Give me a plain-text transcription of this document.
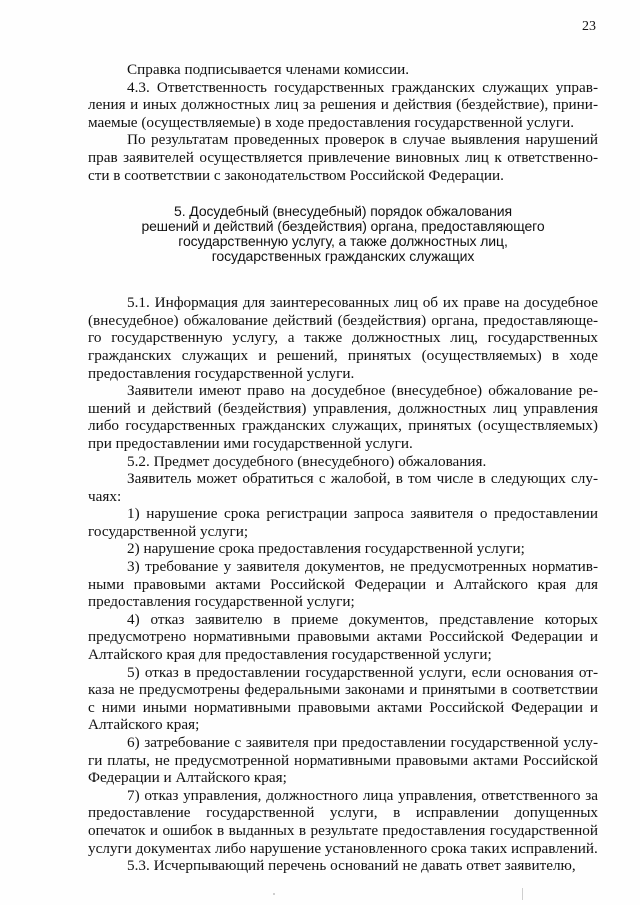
23

Справка подписывается членами комиссии.

4.3. Ответственность государственных гражданских служащих управления и иных должностных лиц за решения и действия (бездействие), принимаемые (осуществляемые) в ходе предоставления государственной услуги.

По результатам проведенных проверок в случае выявления нарушений прав заявителей осуществляется привлечение виновных лиц к ответственности в соответствии с законодательством Российской Федерации.

5. Досудебный (внесудебный) порядок обжалования
решений и действий (бездействия) органа, предоставляющего
государственную услугу, а также должностных лиц,
государственных гражданских служащих

5.1. Информация для заинтересованных лиц об их праве на досудебное (внесудебное) обжалование действий (бездействия) органа, предоставляющего государственную услугу, а также должностных лиц, государственных гражданских служащих и решений, принятых (осуществляемых) в ходе предоставления государственной услуги.

Заявители имеют право на досудебное (внесудебное) обжалование решений и действий (бездействия) управления, должностных лиц управления либо государственных гражданских служащих, принятых (осуществляемых) при предоставлении ими государственной услуги.

5.2. Предмет досудебного (внесудебного) обжалования.

Заявитель может обратиться с жалобой, в том числе в следующих случаях:

1) нарушение срока регистрации запроса заявителя о предоставлении государственной услуги;

2) нарушение срока предоставления государственной услуги;

3) требование у заявителя документов, не предусмотренных нормативными правовыми актами Российской Федерации и Алтайского края для предоставления государственной услуги;

4) отказ заявителю в приеме документов, представление которых предусмотрено нормативными правовыми актами Российской Федерации и Алтайского края для предоставления государственной услуги;

5) отказ в предоставлении государственной услуги, если основания отказа не предусмотрены федеральными законами и принятыми в соответствии с ними иными нормативными правовыми актами Российской Федерации и Алтайского края;

6) затребование с заявителя при предоставлении государственной услуги платы, не предусмотренной нормативными правовыми актами Российской Федерации и Алтайского края;

7) отказ управления, должностного лица управления, ответственного за предоставление государственной услуги, в исправлении допущенных опечаток и ошибок в выданных в результате предоставления государственной услуги документах либо нарушение установленного срока таких исправлений.

5.3. Исчерпывающий перечень оснований не давать ответ заявителю,
